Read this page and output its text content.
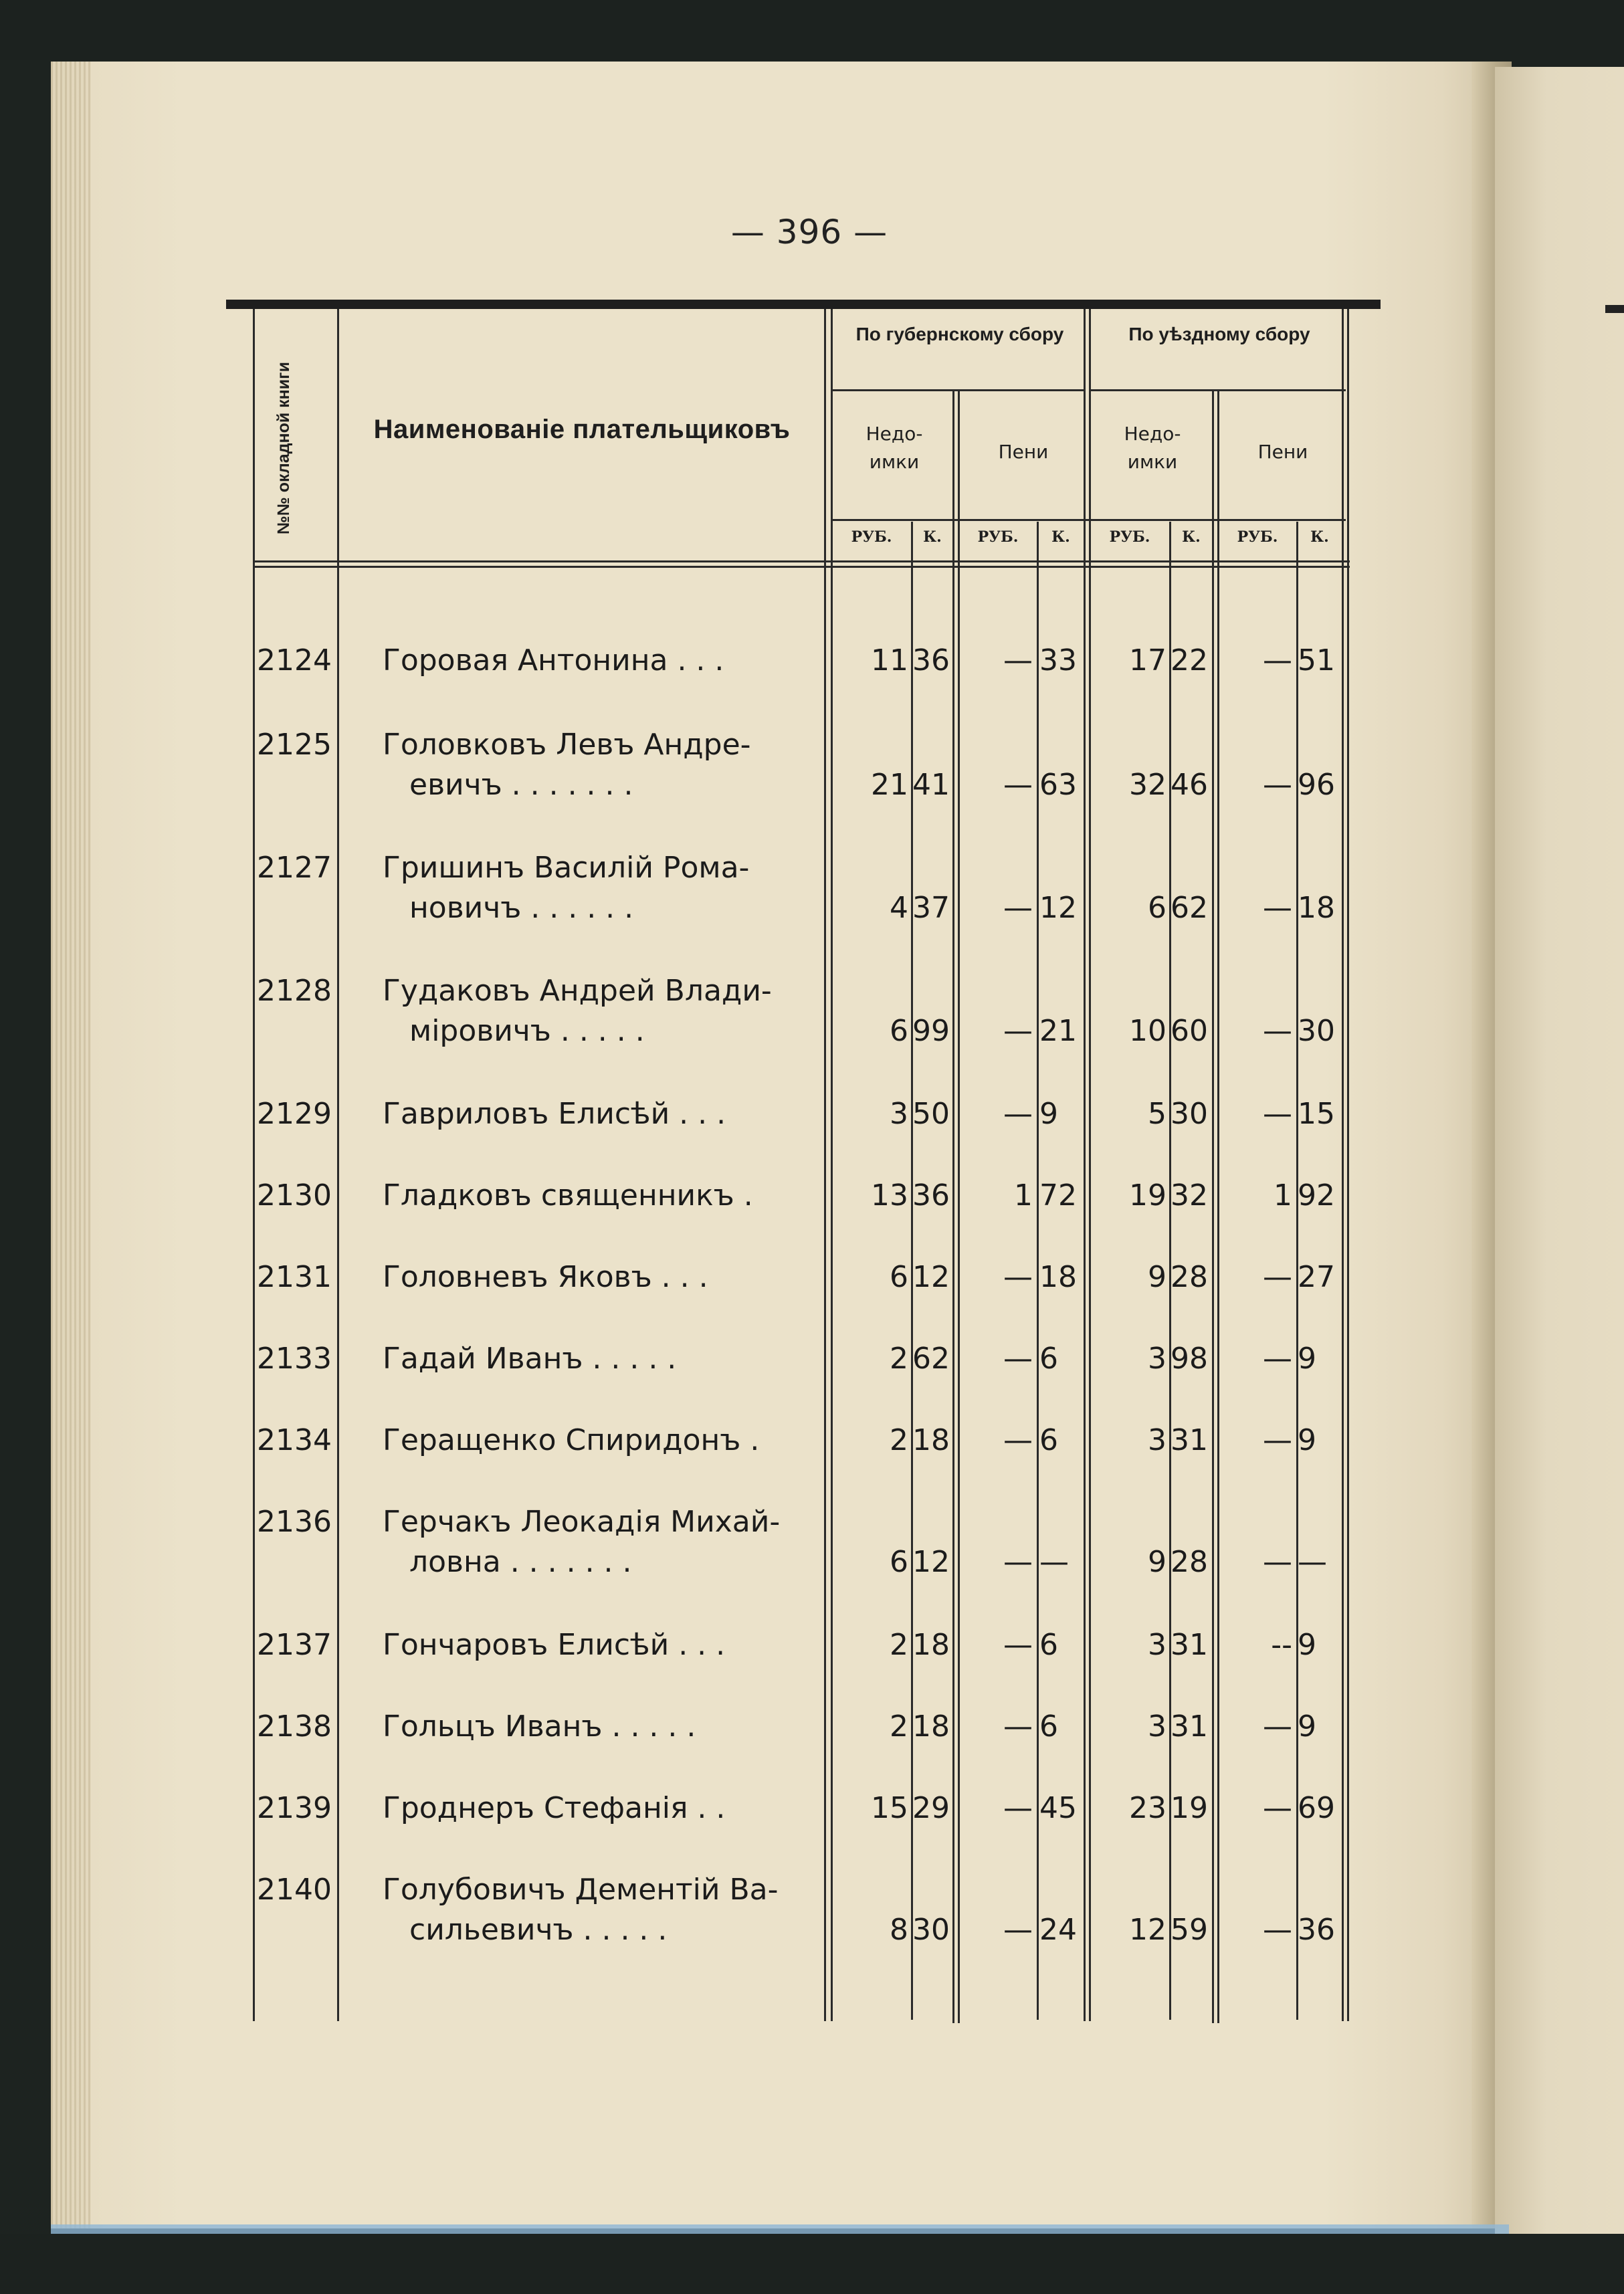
— 396 —
№№ окладной книги	Наименованіе плательщиковъ
По губернскому сбору	По уѣздному сбору
Недо- имки	Пени
Недо- имки	Пени
РУБ.	К.	РУБ.	К.	РУБ.	К.	РУБ.	К.
2124 Горовая Антонина . . .	11 36	— 33	17 22	— 51
2125 Головковъ Левъ Андре-
евичъ . . . . . . .	21 41	— 63	32 46	— 96
2127 Гришинъ Василій Рома-
новичъ . . . . . .	4 37	— 12	6 62	— 18
2128 Гудаковъ Андрей Влади-
міровичъ . . . . .	6 99	— 21	10 60	— 30
2129 Гавриловъ Елисѣй . . .	3 50	— 9	5 30	— 15
2130 Гладковъ священникъ .	13 36	1 72	19 32	1 92
2131 Головневъ Яковъ . . .	6 12	— 18	9 28	— 27
2133 Гадай Иванъ . . . . .	2 62	— 6	3 98	— 9
2134 Геращенко Спиридонъ .	2 18	— 6	3 31	— 9
2136 Герчакъ Леокадія Михай-
ловна . . . . . . .	6 12	— —	9 28	— —
2137 Гончаровъ Елисѣй . . .	2 18	— 6	3 31	-- 9
2138 Гольцъ Иванъ . . . . .	2 18	— 6	3 31	— 9
2139 Гроднеръ Стефанія . .	15 29	— 45	23 19	— 69
2140 Голубовичъ Дементій Ва-
сильевичъ . . . . .	8 30	— 24	12 59	— 36
